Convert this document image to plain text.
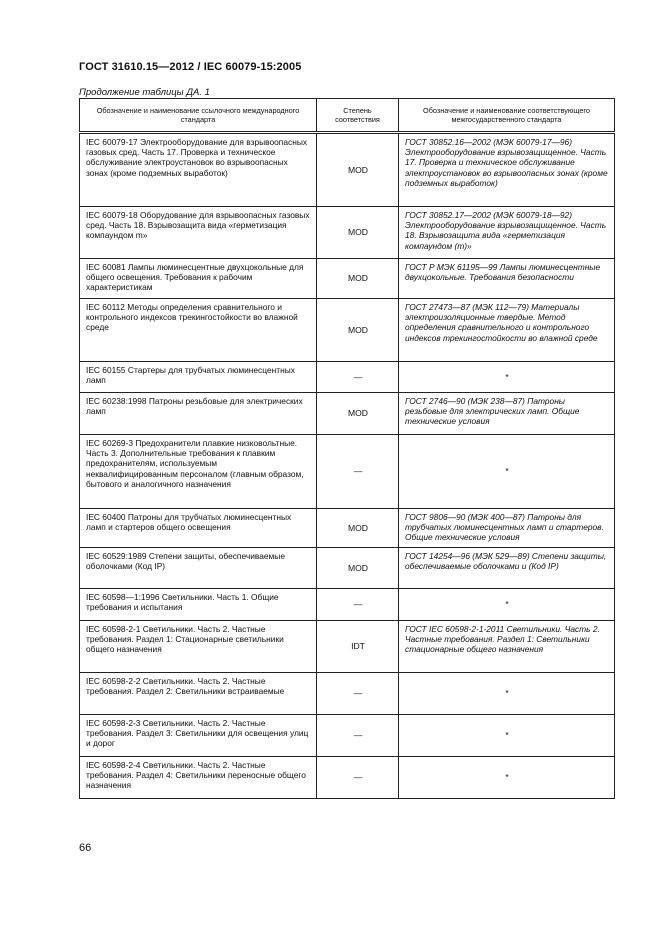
ГОСТ 31610.15—2012 / IEC 60079-15:2005
Продолжение таблицы ДА. 1
Обозначение и наименование ссылочного международного стандарта	Степень соответствия	Обозначение и наименование соответствующего межгосударственного стандарта
IEC 60079-17 Электрооборудование для взрывоопасных газовых сред. Часть 17. Проверка и техническое обслуживание электроустановок во взрывоопасных зонах (кроме подземных выработок)	MOD	ГОСТ 30852.16—2002 (МЭК 60079-17—96) Электрооборудование взрывозащищенное. Часть 17. Проверка и техническое обслуживание электроустановок во взрывоопасных зонах (кроме подземных выработок)
IEC 60079-18 Оборудование для взрывоопасных газовых сред. Часть 18. Взрывозащита вида «герметизация компаундом m»	MOD	ГОСТ 30852.17—2002 (МЭК 60079-18—92) Электрооборудование взрывозащищенное. Часть 18. Взрывозащита вида «герметизация компаундом (m)»
IEC 60081 Лампы люминесцентные двухцокольные для общего освещения. Требования к рабочим характеристикам	MOD	ГОСТ Р МЭК 61195—99 Лампы люминесцентные двухцокольные. Требования безопасности
IEC 60112 Методы определения сравнительного и контрольного индексов трекингостойкости во влажной среде	MOD	ГОСТ 27473—87 (МЭК 112—79) Материалы электроизоляционные твердые. Метод определения сравнительного и контрольного индексов трекингостойкости во влажной среде
IEC 60155 Стартеры для трубчатых люминесцентных ламп	—	*
IEC 60238:1998 Патроны резьбовые для электрических ламп	MOD	ГОСТ 2746—90 (МЭК 238—87) Патроны резьбовые для электрических ламп. Общие технические условия
IEC 60269-3 Предохранители плавкие низковольтные. Часть 3. Дополнительные требования к плавким предохранителям, используемым неквалифицированным персоналом (главным образом, бытового и аналогичного назначения	—	*
IEC 60400 Патроны для трубчатых люминесцентных ламп и стартеров общего освещения	MOD	ГОСТ 9806—90 (МЭК 400—87) Патроны для трубчатых люминесцентных ламп и стартеров. Общие технические условия
IEC 60529:1989 Степени защиты, обеспечиваемые оболочками (Код IP)	MOD	ГОСТ 14254—96 (МЭК 529—89) Степени защиты, обеспечиваемые оболочками и (Код IP)
IEC 60598—1:1996 Светильники. Часть 1. Общие требования и испытания	—	*
IEC 60598-2-1 Светильники. Часть 2. Частные требования. Раздел 1: Стационарные светильники общего назначения	IDT	ГОСТ IEC 60598-2-1-2011 Светильники. Часть 2. Частные требования. Раздел 1: Светильники стационарные общего назначения
IEC 60598-2-2 Светильники. Часть 2. Частные требования. Раздел 2: Светильники встраиваемые	—	*
IEC 60598-2-3 Светильники. Часть 2. Частные требования. Раздел 3: Светильники для освещения улиц и дорог	—	*
IEC 60598-2-4 Светильники. Часть 2. Частные требования. Раздел 4: Светильники переносные общего назначения	—	*
66
